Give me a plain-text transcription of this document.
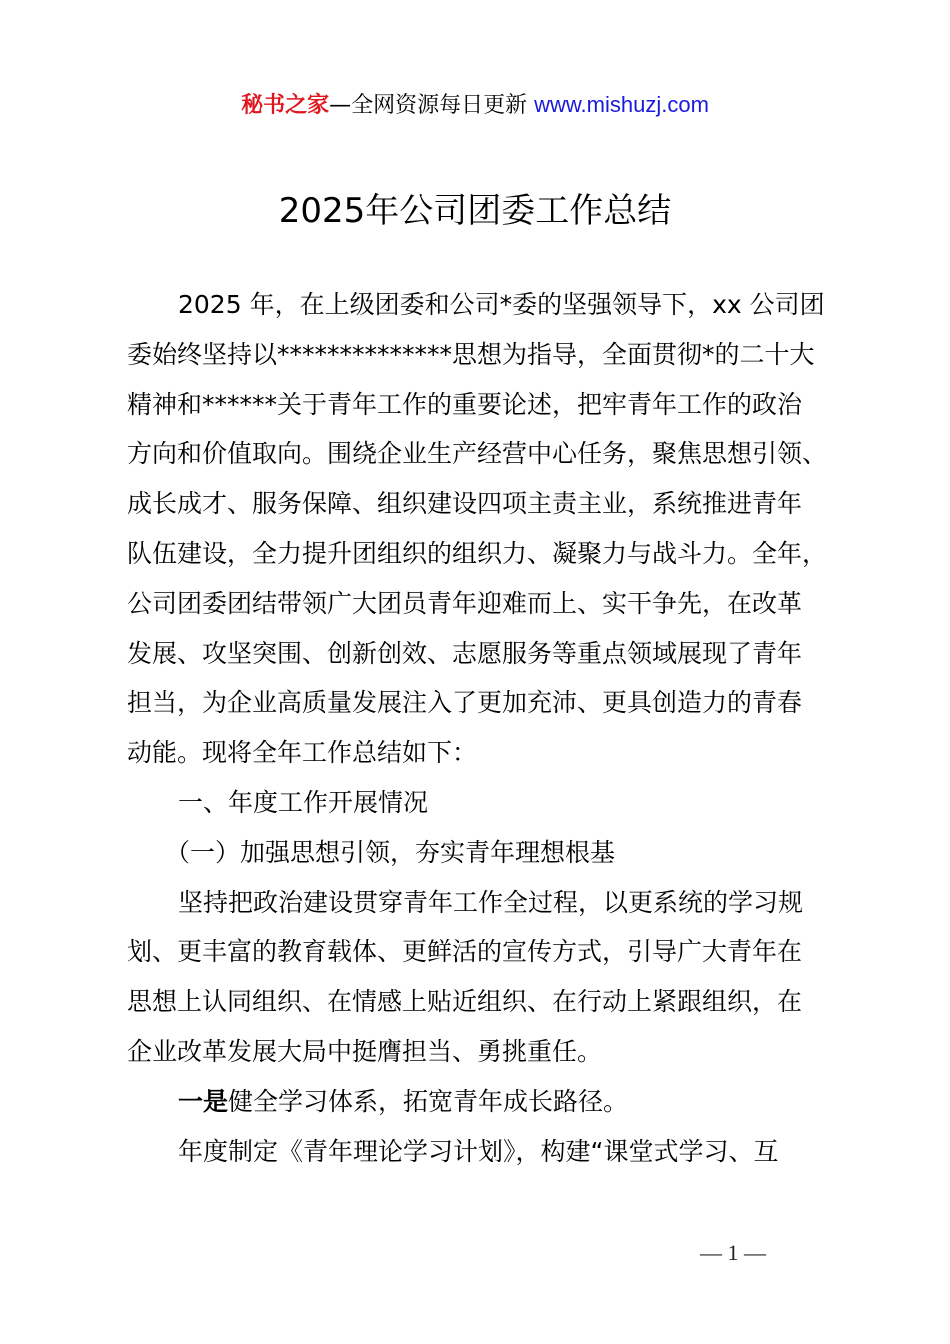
秘书之家—全网资源每日更新 www.mishuzj.com
2025年公司团委工作总结
2025 年，在上级团委和公司*委的坚强领导下，xx 公司团
委始终坚持以**************思想为指导，全面贯彻*的二十大
精神和******关于青年工作的重要论述，把牢青年工作的政治
方向和价值取向。围绕企业生产经营中心任务，聚焦思想引领、
成长成才、服务保障、组织建设四项主责主业，系统推进青年
队伍建设，全力提升团组织的组织力、凝聚力与战斗力。全年，
公司团委团结带领广大团员青年迎难而上、实干争先，在改革
发展、攻坚突围、创新创效、志愿服务等重点领域展现了青年
担当，为企业高质量发展注入了更加充沛、更具创造力的青春
动能。现将全年工作总结如下：
一、年度工作开展情况
（一）加强思想引领，夯实青年理想根基
坚持把政治建设贯穿青年工作全过程，以更系统的学习规
划、更丰富的教育载体、更鲜活的宣传方式，引导广大青年在
思想上认同组织、在情感上贴近组织、在行动上紧跟组织，在
企业改革发展大局中挺膺担当、勇挑重任。
一是健全学习体系，拓宽青年成长路径。
年度制定《青年理论学习计划》，构建“课堂式学习、互
— 1 —
